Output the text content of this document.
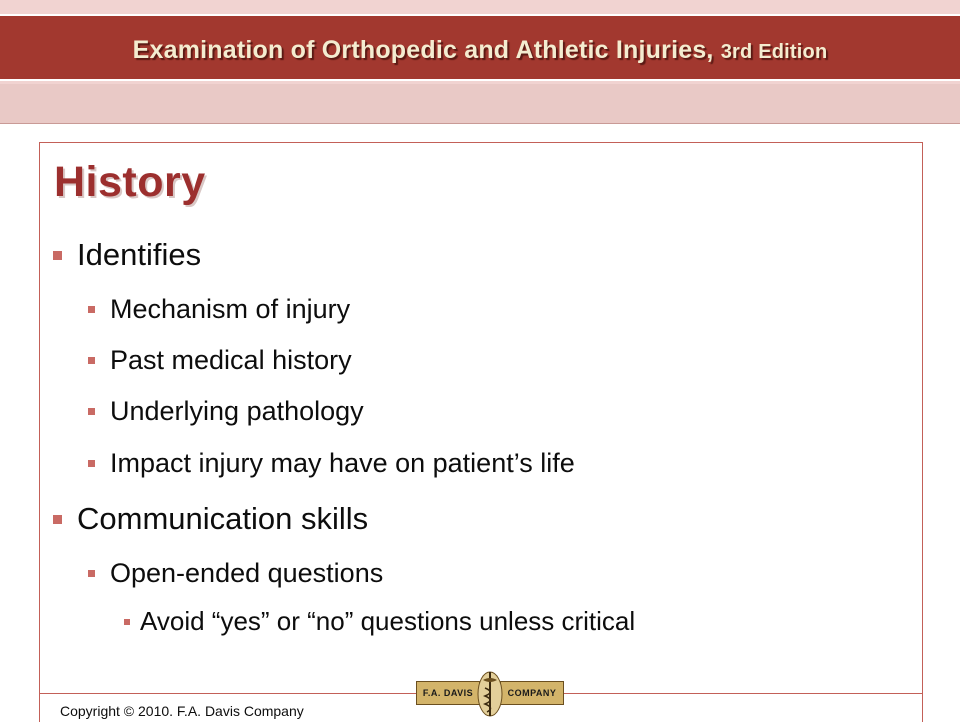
Examination of Orthopedic and Athletic Injuries, 3rd Edition
History
Identifies
Mechanism of injury
Past medical history
Underlying pathology
Impact injury may have on patient’s life
Communication skills
Open-ended questions
Avoid “yes” or “no” questions unless critical
Copyright © 2010. F.A. Davis Company
F.A. DAVIS	COMPANY
